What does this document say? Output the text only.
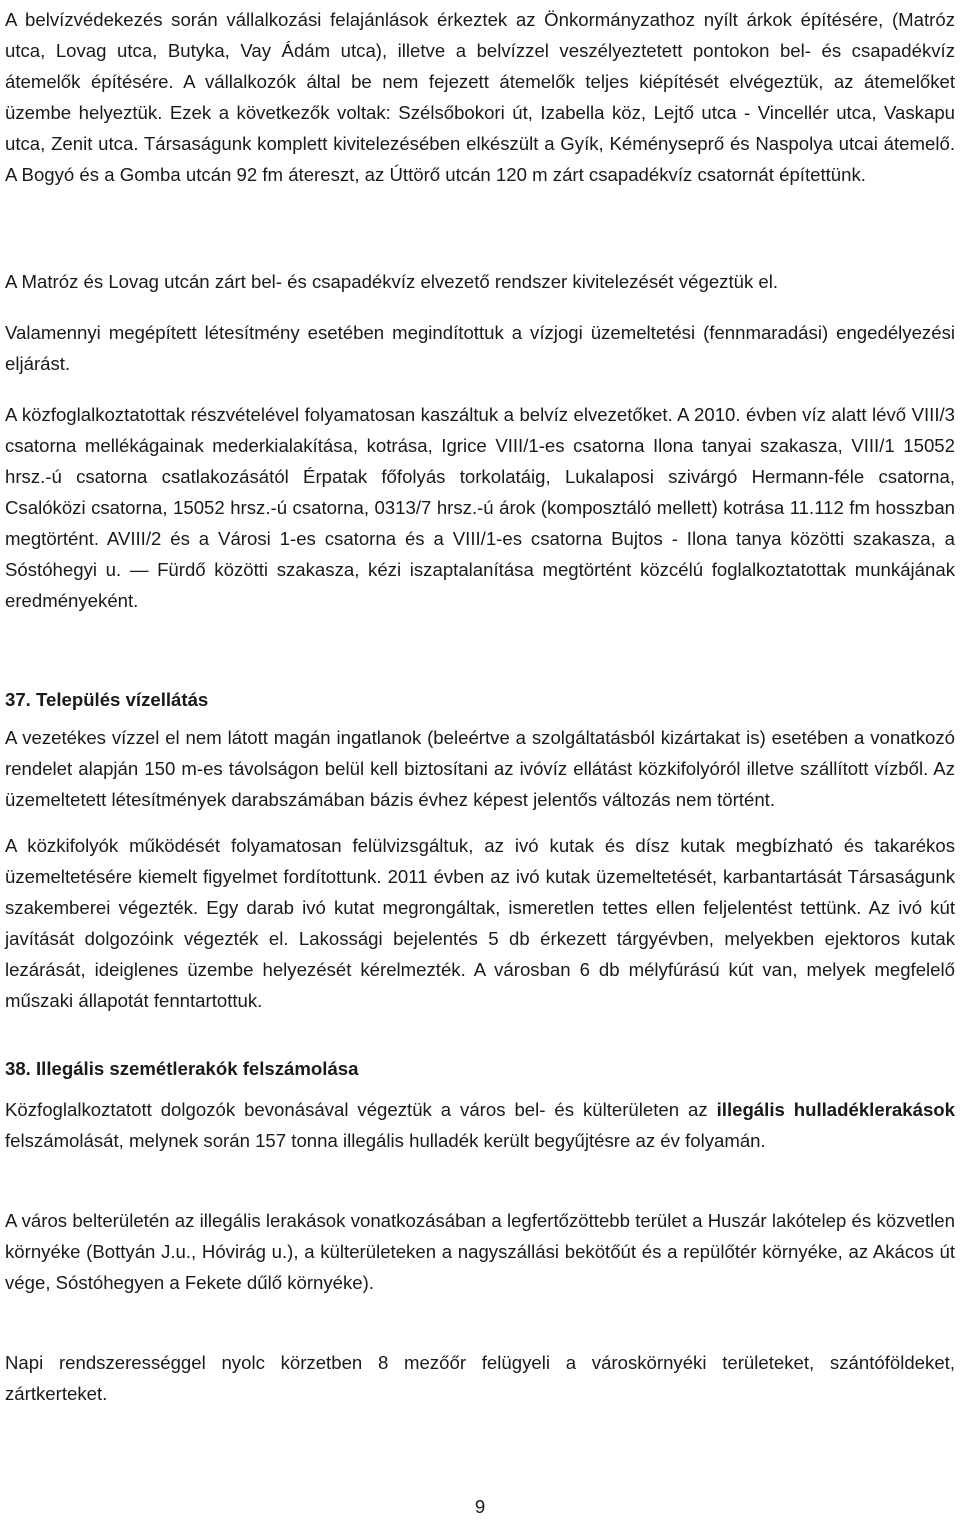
A belvízvédekezés során vállalkozási felajánlások érkeztek az Önkormányzathoz nyílt árkok építésére, (Matróz utca, Lovag utca, Butyka, Vay Ádám utca), illetve a belvízzel veszélyeztetett pontokon bel- és csapadékvíz átemelők építésére. A vállalkozók által be nem fejezett átemelők teljes kiépítését elvégeztük, az átemelőket üzembe helyeztük. Ezek a következők voltak: Szélsőbokori út, Izabella köz, Lejtő utca - Vincellér utca, Vaskapu utca, Zenit utca. Társaságunk komplett kivitelezésében elkészült a Gyík, Kéményseprő és Naspolya utcai átemelő. A Bogyó és a Gomba utcán 92 fm átereszt, az Úttörő utcán 120 m zárt csapadékvíz csatornát építettünk.

A Matróz és Lovag utcán zárt bel- és csapadékvíz elvezető rendszer kivitelezését végeztük el.

Valamennyi megépített létesítmény esetében megindítottuk a vízjogi üzemeltetési (fennmaradási) engedélyezési eljárást.

A közfoglalkoztatottak részvételével folyamatosan kaszáltuk a belvíz elvezetőket. A 2010. évben víz alatt lévő VIII/3 csatorna mellékágainak mederkialakítása, kotrása, Igrice VIII/1-es csatorna Ilona tanyai szakasza, VIII/1 15052 hrsz.-ú csatorna csatlakozásától Érpatak főfolyás torkolatáig, Lukalaposi szivárgó Hermann-féle csatorna, Csalóközi csatorna, 15052 hrsz.-ú csatorna, 0313/7 hrsz.-ú árok (komposztáló mellett) kotrása 11.112 fm hosszban megtörtént. AVIII/2 és a Városi 1-es csatorna és a VIII/1-es csatorna Bujtos - Ilona tanya közötti szakasza, a Sóstóhegyi u. — Fürdő közötti szakasza, kézi iszaptalanítása megtörtént közcélú foglalkoztatottak munkájának eredményeként.

37. Település vízellátás

A vezetékes vízzel el nem látott magán ingatlanok (beleértve a szolgáltatásból kizártakat is) esetében a vonatkozó rendelet alapján 150 m-es távolságon belül kell biztosítani az ivóvíz ellátást közkifolyóról illetve szállított vízből. Az üzemeltetett létesítmények darabszámában bázis évhez képest jelentős változás nem történt.

A közkifolyók működését folyamatosan felülvizsgáltuk, az ivó kutak és dísz kutak megbízható és takarékos üzemeltetésére kiemelt figyelmet fordítottunk. 2011 évben az ivó kutak üzemeltetését, karbantartását Társaságunk szakemberei végezték. Egy darab ivó kutat megrongáltak, ismeretlen tettes ellen feljelentést tettünk. Az ivó kút javítását dolgozóink végezték el. Lakossági bejelentés 5 db érkezett tárgyévben, melyekben ejektoros kutak lezárását, ideiglenes üzembe helyezését kérelmezték. A városban 6 db mélyfúrású kút van, melyek megfelelő műszaki állapotát fenntartottuk.

38. Illegális szemétlerakók felszámolása

Közfoglalkoztatott dolgozók bevonásával végeztük a város bel- és külterületen az illegális hulladéklerakások felszámolását, melynek során 157 tonna illegális hulladék került begyűjtésre az év folyamán.

A város belterületén az illegális lerakások vonatkozásában a legfertőzöttebb terület a Huszár lakótelep és közvetlen környéke (Bottyán J.u., Hóvirág u.), a külterületeken a nagyszállási bekötőút és a repülőtér környéke, az Akácos út vége, Sóstóhegyen a Fekete dűlő környéke).

Napi rendszerességgel nyolc körzetben 8 mezőőr felügyeli a városkörnyéki területeket, szántóföldeket, zártkerteket.

9
